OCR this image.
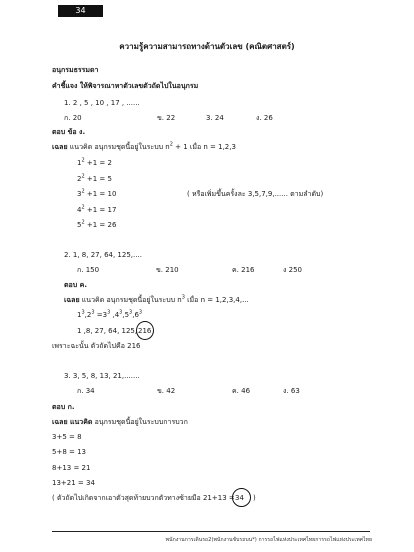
34
ความรู้ความสามารถทางด้านตัวเลข (คณิตศาสตร์)
อนุกรมธรรมดา
คำชี้แจง ให้พิจารณาหาตัวเลขตัวถัดไปในอนุกรม
1. 2 , 5 , 10 , 17 , ......
ก. 20	ข. 22	3. 24	ง. 26
ตอบ ข้อ ง.
เฉลย แนวคิด อนุกรมชุดนี้อยู่ในระบบ $n^2 + 1$ เมื่อ n = 1,2,3
$1^2 +1 = 2$
$2^2 +1 = 5$
$3^2 +1 = 10$	( หรือเพิ่มขึ้นครั้งละ 3,5,7,9,...... ตามลำดับ)
$4^2 +1 = 17$
$5^2 +1 = 26$
2. 1, 8, 27, 64, 125,....
ก. 150	ข. 210	ค. 216	ง 250
ตอบ ค.
เฉลย แนวคิด อนุกรมชุดนี้อยู่ในระบบ $n^3$ เมื่อ n = 1,2,3,4,...
$1^3,2^3 =3^3$ $,4^3,5^3,6^3$
1 ,8, 27, 64, 125, 216
เพราะฉะนั้น ตัวถัดไปคือ 216
3. 3, 5, 8, 13, 21,.......
ก. 34	ข. 42	ค. 46	ง. 63
ตอบ ก.
เฉลย แนวคิด อนุกรมชุดนี้อยู่ในระบบการบวก
3+5 = 8
5+8 = 13
8+13 = 21
13+21 = 34
( ตัวถัดไปเกิดจากเอาตัวสุดท้ายบวกตัวทางซ้ายมือ 21+13 =	)
34
พนักงานการเดินรถ2(พนักงานขับรถบน*) การรถไฟแห่งประเทศไทยการรถไฟแห่งประเทศไทย
